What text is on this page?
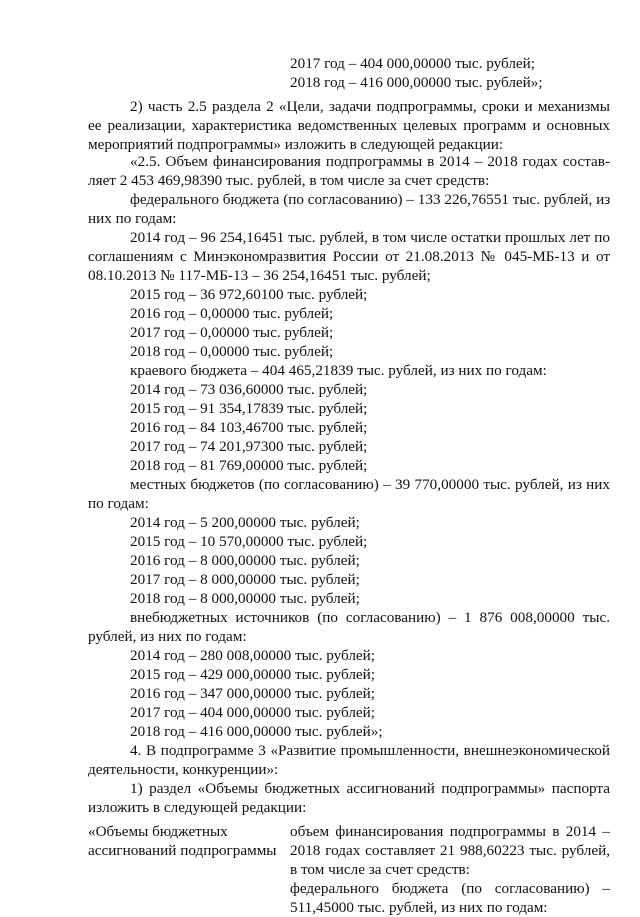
2017 год – 404 000,00000 тыс. рублей;
2018 год – 416 000,00000 тыс. рублей»;
2) часть 2.5 раздела 2 «Цели, задачи подпрограммы, сроки и механизмы
ее реализации, характеристика ведомственных целевых программ и основных
мероприятий подпрограммы» изложить в следующей редакции:
«2.5. Объем финансирования подпрограммы в 2014 – 2018 годах состав-
ляет 2 453 469,98390 тыс. рублей, в том числе за счет средств:
федерального бюджета (по согласованию) – 133 226,76551 тыс. рублей, из
них по годам:
2014 год – 96 254,16451 тыс. рублей, в том числе остатки прошлых лет по
соглашениям с Минэкономразвития России от 21.08.2013 № 045-МБ-13 и от
08.10.2013 № 117-МБ-13 – 36 254,16451 тыс. рублей;
2015 год – 36 972,60100 тыс. рублей;
2016 год – 0,00000 тыс. рублей;
2017 год – 0,00000 тыс. рублей;
2018 год – 0,00000 тыс. рублей;
краевого бюджета – 404 465,21839 тыс. рублей, из них по годам:
2014 год – 73 036,60000 тыс. рублей;
2015 год – 91 354,17839 тыс. рублей;
2016 год – 84 103,46700 тыс. рублей;
2017 год – 74 201,97300 тыс. рублей;
2018 год – 81 769,00000 тыс. рублей;
местных бюджетов (по согласованию) – 39 770,00000 тыс. рублей, из них
по годам:
2014 год – 5 200,00000 тыс. рублей;
2015 год – 10 570,00000 тыс. рублей;
2016 год – 8 000,00000 тыс. рублей;
2017 год – 8 000,00000 тыс. рублей;
2018 год – 8 000,00000 тыс. рублей;
внебюджетных источников (по согласованию) – 1 876 008,00000 тыс.
рублей, из них по годам:
2014 год – 280 008,00000 тыс. рублей;
2015 год – 429 000,00000 тыс. рублей;
2016 год – 347 000,00000 тыс. рублей;
2017 год – 404 000,00000 тыс. рублей;
2018 год – 416 000,00000 тыс. рублей»;
4. В подпрограмме 3 «Развитие промышленности, внешнеэкономической
деятельности, конкуренции»:
1) раздел «Объемы бюджетных ассигнований подпрограммы» паспорта
изложить в следующей редакции:
«Объемы бюджетных	объем финансирования подпрограммы в 2014 –
ассигнований подпрограммы 2018 годах составляет 21 988,60223 тыс. рублей,
в том числе за счет средств:
федерального бюджета (по согласованию) –
511,45000 тыс. рублей, из них по годам:
